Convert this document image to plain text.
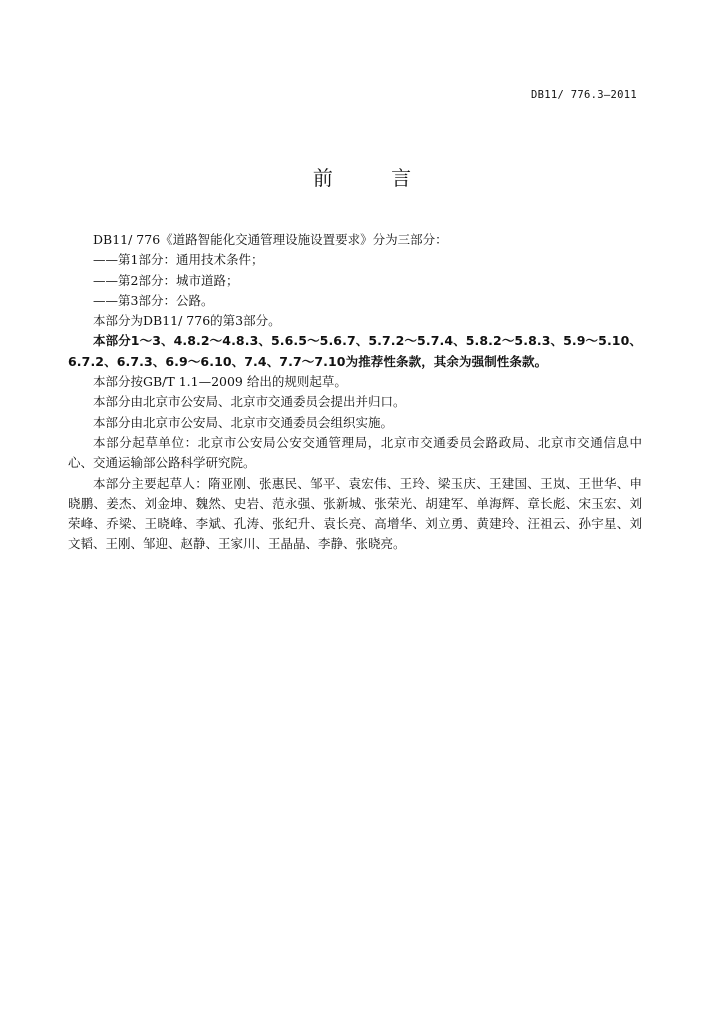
DB11/ 776.3—2011
前 言

DB11/ 776《道路智能化交通管理设施设置要求》分为三部分：

——第1部分：通用技术条件；

——第2部分：城市道路；

——第3部分：公路。

本部分为DB11/ 776的第3部分。

本部分1～3、4.8.2～4.8.3、5.6.5～5.6.7、5.7.2～5.7.4、5.8.2～5.8.3、5.9～5.10、6.7.2、6.7.3、6.9～6.10、7.4、7.7～7.10为推荐性条款，其余为强制性条款。

本部分按GB/T 1.1—2009 给出的规则起草。

本部分由北京市公安局、北京市交通委员会提出并归口。

本部分由北京市公安局、北京市交通委员会组织实施。

本部分起草单位：北京市公安局公安交通管理局，北京市交通委员会路政局、北京市交通信息中心、交通运输部公路科学研究院。

本部分主要起草人：隋亚刚、张惠民、邹平、袁宏伟、王玲、梁玉庆、王建国、王岚、王世华、申晓鹏、姜杰、刘金坤、魏然、史岩、范永强、张新城、张荣光、胡建军、单海辉、章长彪、宋玉宏、刘荣峰、乔梁、王晓峰、李斌、孔涛、张纪升、袁长亮、高增华、刘立勇、黄建玲、汪祖云、孙宇星、刘文韬、王刚、邹迎、赵静、王家川、王晶晶、李静、张晓亮。
